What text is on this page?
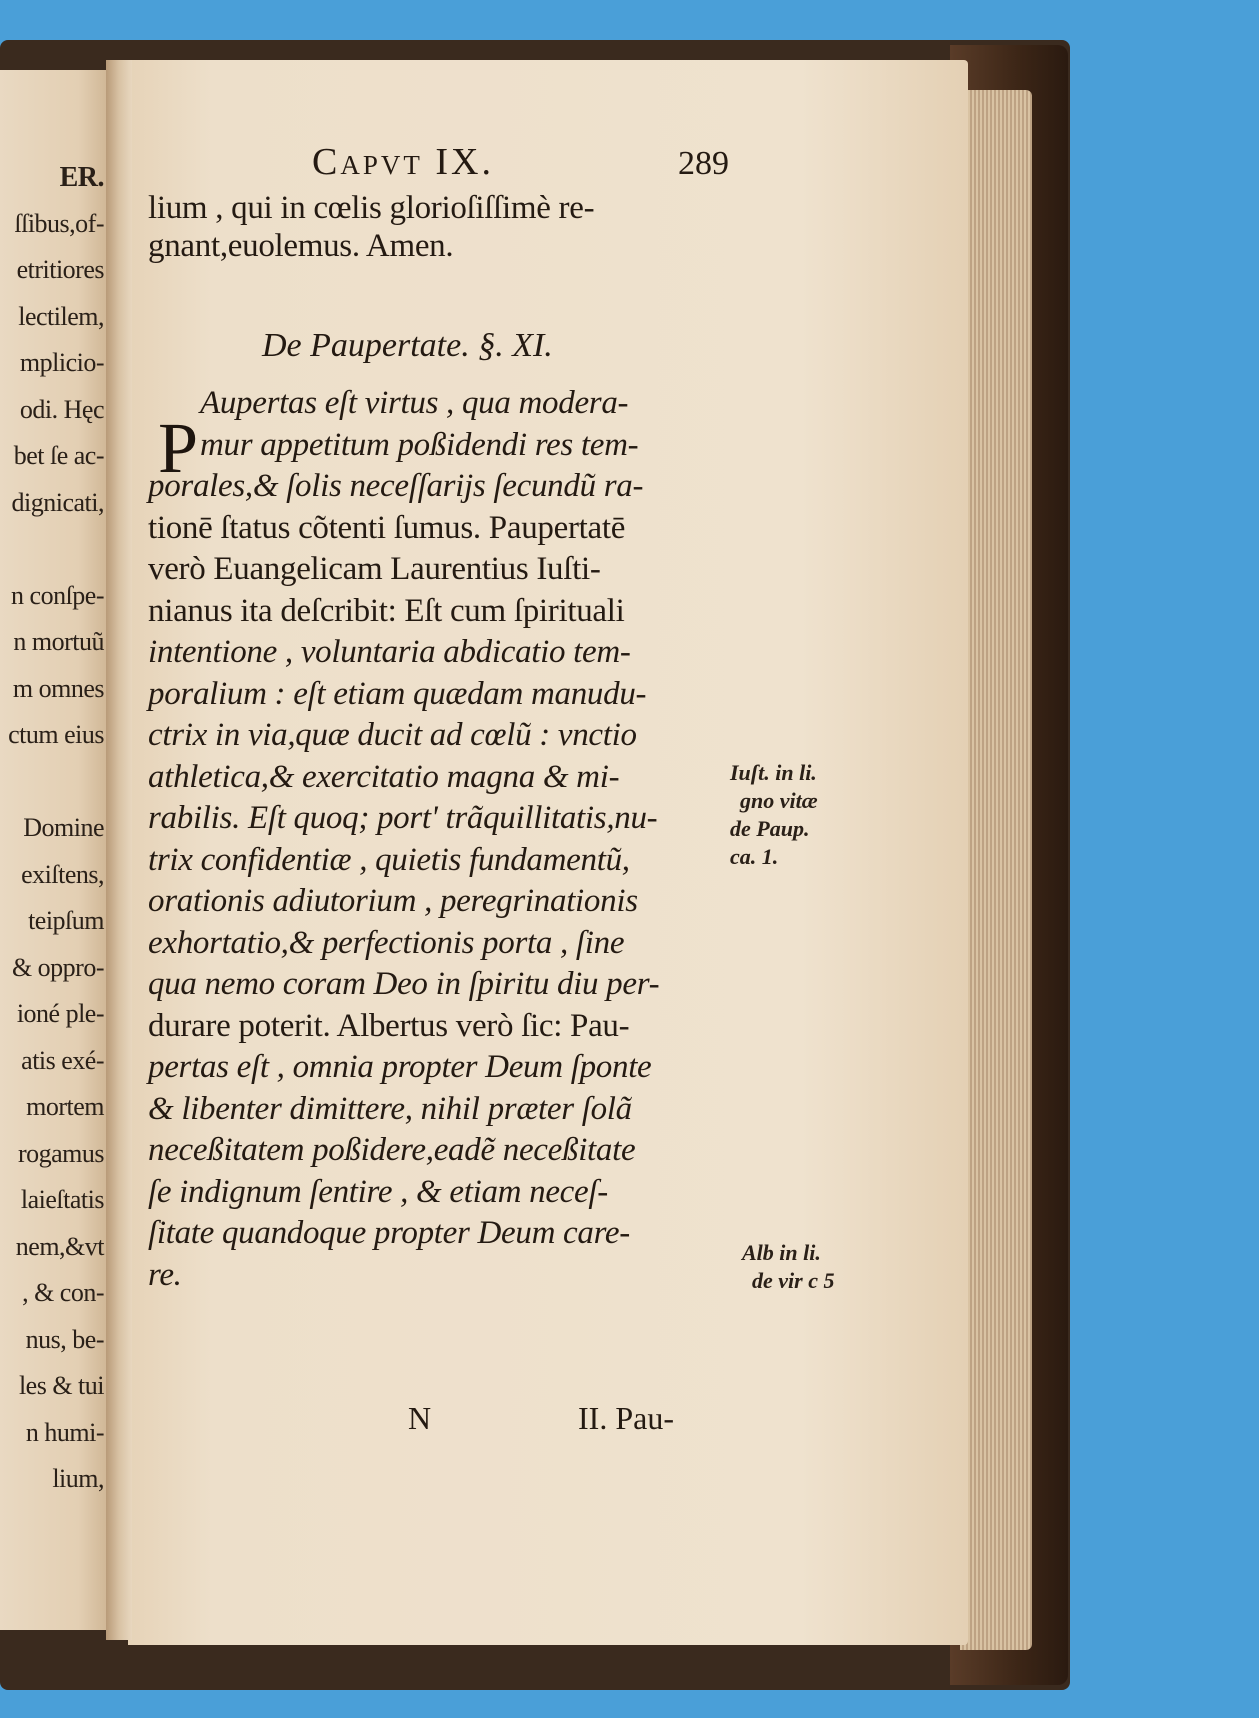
ER.
ſſibus,of-
etritiores
lectilem,
mplicio-
odi. Hęc
bet ſe ac-
dignicati,
n conſpe-
n mortuũ
m omnes
ctum eius
Domine
exiſtens,
teipſum
& oppro-
ioné ple-
atis exé-
mortem
rogamus
laieſtatis
nem,&vt
, & con-
nus, be-
les & tui
n humi-
lium,
Capvt IX.	289
lium , qui in cœlis glorioſiſſimè re-
gnant,euolemus. Amen.
De Paupertate. §. XI.
P
Aupertas eſt virtus , qua modera-
mur appetitum poßidendi res tem-
porales,& ſolis neceſſariјs ſecundũ ra-
tionē ſtatus cõtenti ſumus. Paupertatē
verò Euangelicam Laurentius Iuſti-
nianus ita deſcribit: Eſt cum ſpirituali
intentione , voluntaria abdicatio tem-
poralium : eſt etiam quædam manudu-
ctrix in via,quæ ducit ad cœlũ : vnctio
athletica,& exercitatio magna & mi-
rabilis. Eſt quoq; port' trãquillitatis,nu-
trix confidentiæ , quietis fundamentũ,
orationis adiutorium , peregrinationis
exhortatio,& perfectionis porta , ſine
qua nemo coram Deo in ſpiritu diu per-
durare poterit. Albertus verò ſic: Pau-
pertas eſt , omnia propter Deum ſponte
& libenter dimittere, nihil præter ſolã
neceßitatem poßidere,eadẽ neceßitate
ſe indignum ſentire , & etiam neceſ-
ſitate quandoque propter Deum care-
re.
Iuſt. in li.
gno vitæ
de Paup.
ca. 1.
Alb in li.
de vir c 5
N	II. Pau-
